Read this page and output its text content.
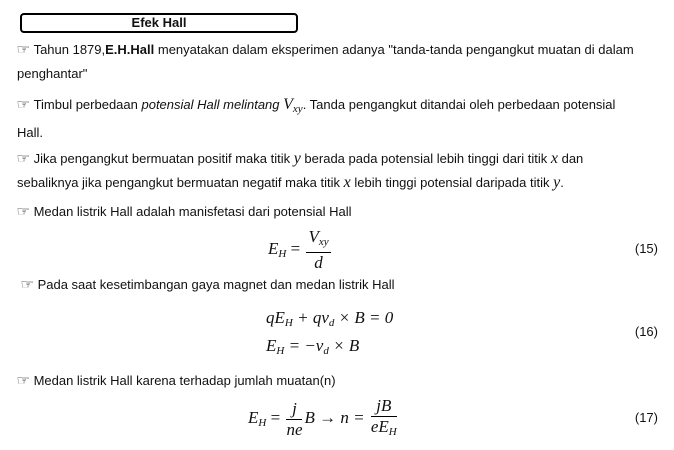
Efek Hall
☞ Tahun 1879,E.H.Hall menyatakan dalam eksperimen adanya "tanda-tanda pengangkut muatan di dalam
penghantar"
☞ Timbul perbedaan potensial Hall melintang $V_{xy}$. Tanda pengangkut ditandai oleh perbedaan potensial
Hall.
☞ Jika pengangkut bermuatan positif maka titik y berada pada potensial lebih tinggi dari titik x dan
sebaliknya jika pengangkut bermuatan negatif maka titik x lebih tinggi potensial daripada titik y.
☞ Medan listrik Hall adalah manisfetasi dari potensial Hall
$E_H = \frac{V_{xy}}{d}$	(15)
☞ Pada saat kesetimbangan gaya magnet dan medan listrik Hall
$qE_H + qv_d \times B = 0$
$E_H = -v_d \times B$
(16)
☞ Medan listrik Hall karena terhadap jumlah muatan(n)
$E_H = \frac{j}{ne}$ $B \to n = \frac{jB}{eE_H}$	(17)
